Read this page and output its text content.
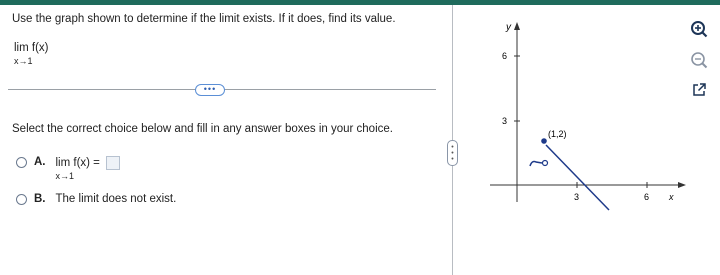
Use the graph shown to determine if the limit exists. If it does, find its value.
lim f(x)
x→1
•••
Select the correct choice below and fill in any answer boxes in your choice.
A. lim f(x) =
x→1
B. The limit does not exist.
•
•
•
y
x
6
3
3	6
(1,2)
